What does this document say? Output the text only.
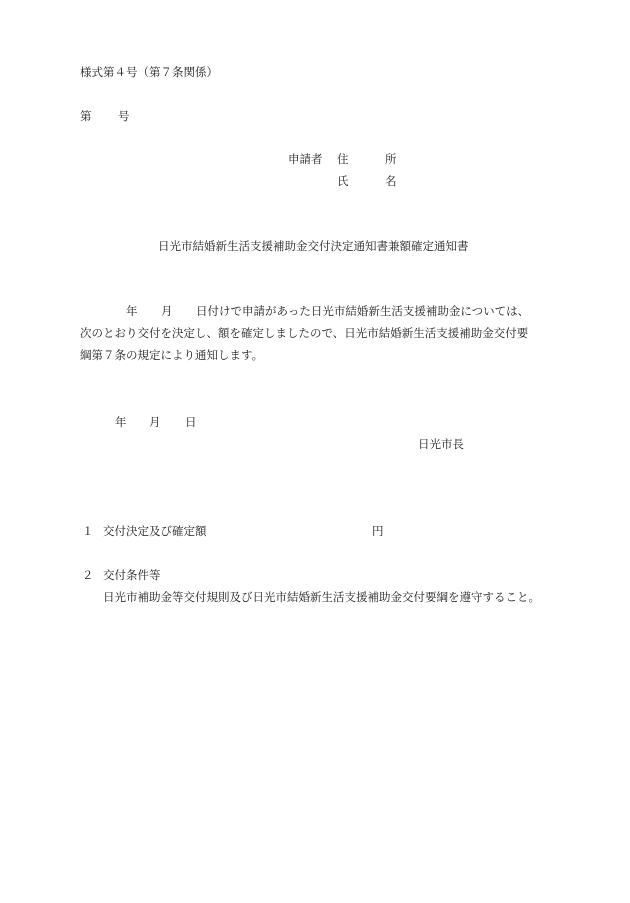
様式第４号（第７条関係）
第 号
申請者 住	所
氏	名
日光市結婚新生活支援補助金交付決定通知書兼額確定通知書
年 月 日付けで申請があった日光市結婚新生活支援補助金については、
次のとおり交付を決定し、額を確定しましたので、日光市結婚新生活支援補助金交付要
綱第７条の規定により通知します。
年 月 日
日光市長
１ 交付決定及び確定額	円
２ 交付条件等
日光市補助金等交付規則及び日光市結婚新生活支援補助金交付要綱を遵守すること。
